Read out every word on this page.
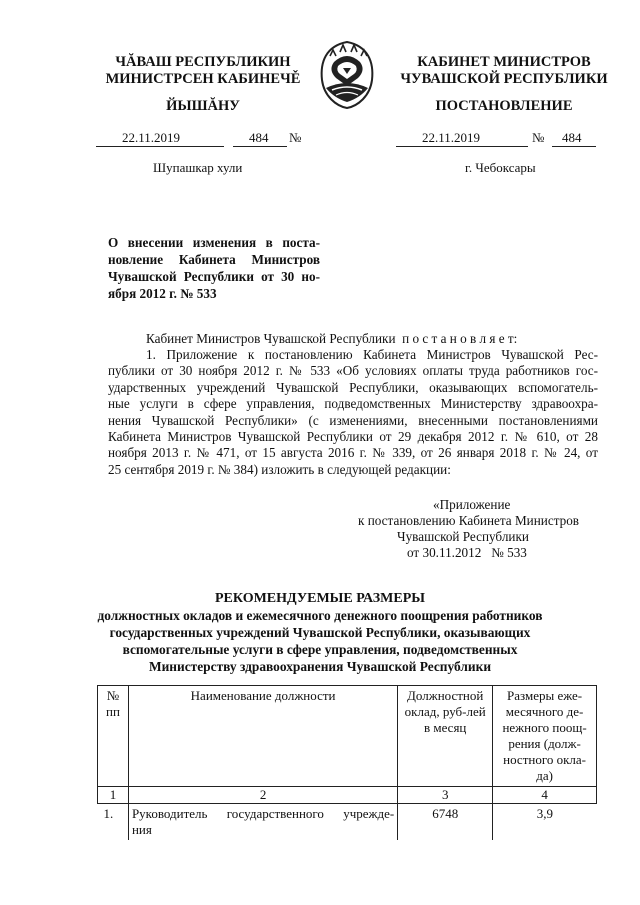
ЧĂВАШ РЕСПУБЛИКИН
МИНИСТРСЕН КАБИНЕЧĚ
ЙЫШĂНУ
КАБИНЕТ МИНИСТРОВ
ЧУВАШСКОЙ РЕСПУБЛИКИ
ПОСТАНОВЛЕНИЕ
22.11.2019	484	№	22.11.2019	№	484
Шупашкар хули	г. Чебоксары
О внесении изменения в поста-
новление Кабинета Министров
Чувашской Республики от 30 но-
ября 2012 г. № 533
Кабинет Министров Чувашской Республики  п о с т а н о в л я е т:
1. Приложение к постановлению Кабинета Министров Чувашской Рес-
публики от 30 ноября 2012 г. № 533 «Об условиях оплаты труда работников гос-
ударственных учреждений Чувашской Республики, оказывающих вспомогатель-
ные услуги в сфере управления, подведомственных Министерству здравоохра-
нения Чувашской Республики» (с изменениями, внесенными постановлениями
Кабинета Министров Чувашской Республики от 29 декабря 2012 г. № 610, от 28
ноября 2013 г. № 471, от 15 августа 2016 г. № 339, от 26 января 2018 г. № 24, от
25 сентября 2019 г. № 384) изложить в следующей редакции:
«Приложение
к постановлению Кабинета Министров
Чувашской Республики
от 30.11.2012   № 533
РЕКОМЕНДУЕМЫЕ РАЗМЕРЫ
должностных окладов и ежемесячного денежного поощрения работников
государственных учреждений Чувашской Республики, оказывающих
вспомогательные услуги в сфере управления, подведомственных
Министерству здравоохранения Чувашской Республики
№ пп	Наименование должности	Должностной оклад, руб-лей в месяц	Размеры еже-месячного де-нежного поощ-рения (долж-ностного окла-да)
1	2	3	4
1.	Руководитель государственного учрежде-
ния	6748	3,9
